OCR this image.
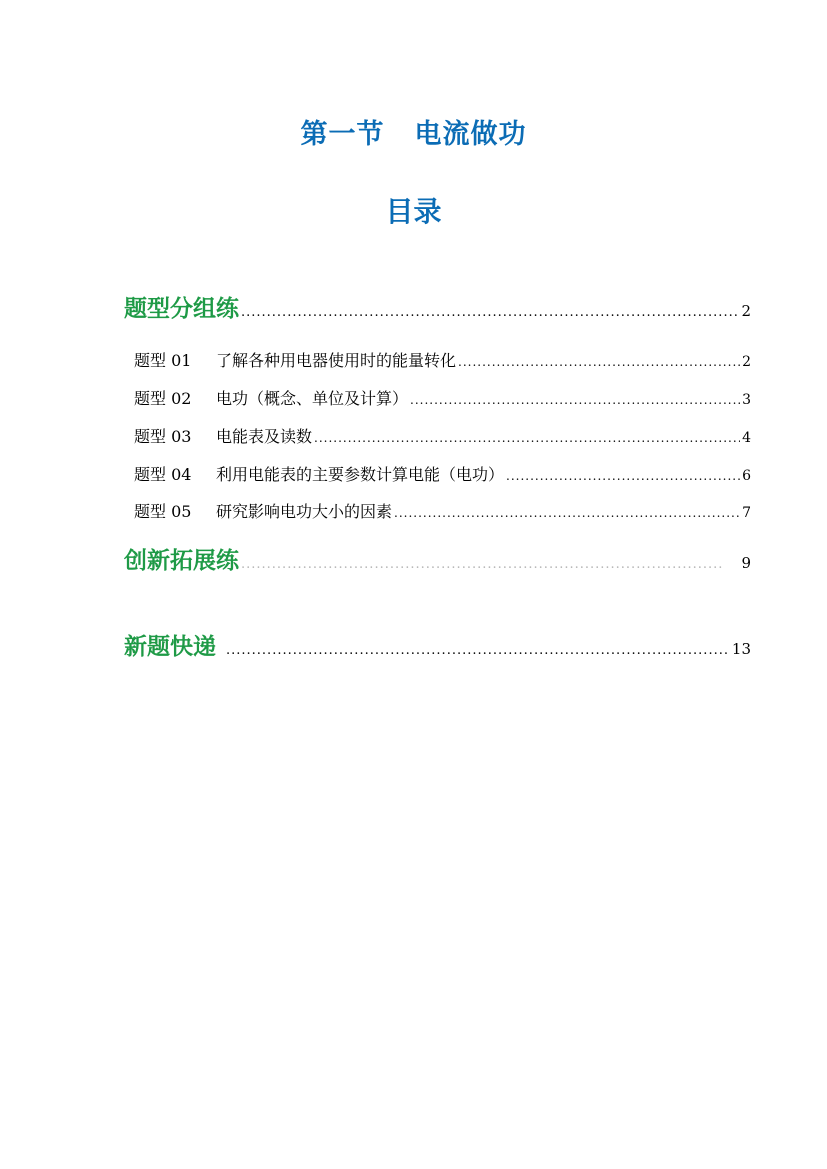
第一节 电流做功
目录
题型分组练 .....	2
题型 01	了解各种用电器使用时的能量转化 .....	2
题型 02	电功（概念、单位及计算） .....	3
题型 03	电能表及读数 .....	4
题型 04	利用电能表的主要参数计算电能（电功） .....	6
题型 05	研究影响电功大小的因素 .....	7
创新拓展练 .....	9
新题快递 .....	13
